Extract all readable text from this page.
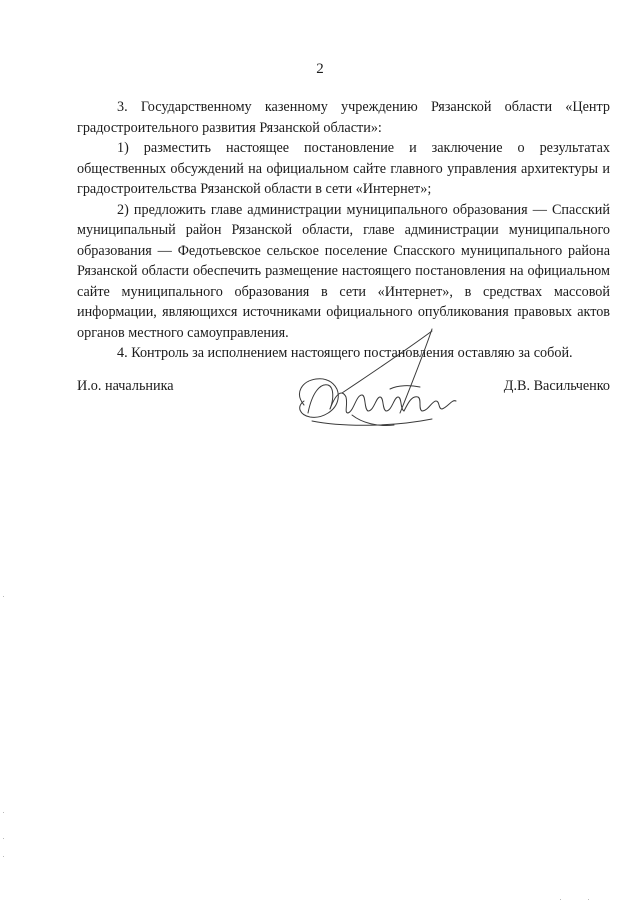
2

3. Государственному казенному учреждению Рязанской области «Центр градостроительного развития Рязанской области»:

1) разместить настоящее постановление и заключение о результатах общественных обсуждений на официальном сайте главного управления архитектуры и градостроительства Рязанской области в сети «Интернет»;

2) предложить главе администрации муниципального образования — Спасский муниципальный район Рязанской области, главе администрации муниципального образования — Федотьевское сельское поселение Спасского муниципального района Рязанской области обеспечить размещение настоящего постановления на официальном сайте муниципального образования в сети «Интернет», в средствах массовой информации, являющихся источниками официального опубликования правовых актов органов местного самоуправления.

4. Контроль за исполнением настоящего постановления оставляю за собой.

И.о. начальника	Д.В. Васильченко
